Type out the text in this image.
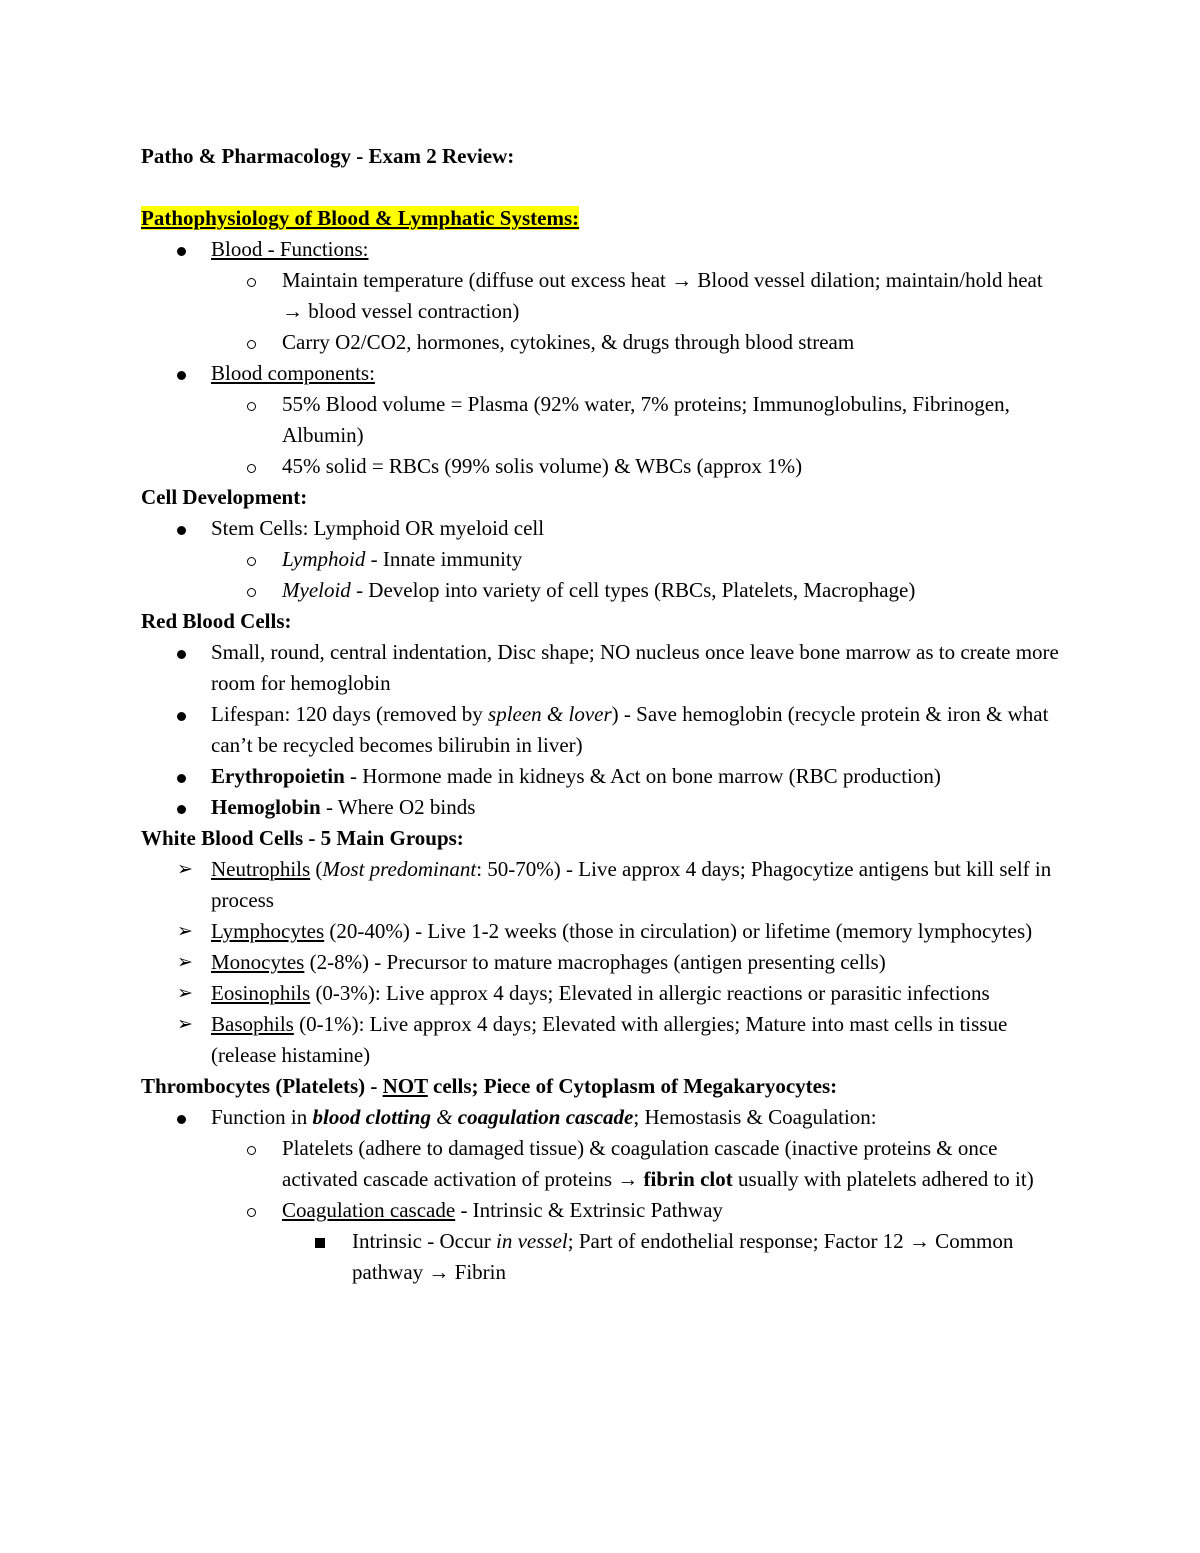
Patho & Pharmacology - Exam 2 Review:
Pathophysiology of Blood & Lymphatic Systems:
Blood - Functions:
Maintain temperature (diffuse out excess heat → Blood vessel dilation; maintain/hold heat → blood vessel contraction)
Carry O2/CO2, hormones, cytokines, & drugs through blood stream
Blood components:
55% Blood volume = Plasma (92% water, 7% proteins; Immunoglobulins, Fibrinogen, Albumin)
45% solid = RBCs (99% solis volume) & WBCs (approx 1%)
Cell Development:
Stem Cells: Lymphoid OR myeloid cell
Lymphoid - Innate immunity
Myeloid - Develop into variety of cell types (RBCs, Platelets, Macrophage)
Red Blood Cells:
Small, round, central indentation, Disc shape; NO nucleus once leave bone marrow as to create more room for hemoglobin
Lifespan: 120 days (removed by spleen & lover) - Save hemoglobin (recycle protein & iron & what can’t be recycled becomes bilirubin in liver)
Erythropoietin - Hormone made in kidneys & Act on bone marrow (RBC production)
Hemoglobin - Where O2 binds
White Blood Cells - 5 Main Groups:
➢ Neutrophils (Most predominant: 50-70%) - Live approx 4 days; Phagocytize antigens but kill self in process
➢ Lymphocytes (20-40%) - Live 1-2 weeks (those in circulation) or lifetime (memory lymphocytes)
➢ Monocytes (2-8%) - Precursor to mature macrophages (antigen presenting cells)
➢ Eosinophils (0-3%): Live approx 4 days; Elevated in allergic reactions or parasitic infections
➢ Basophils (0-1%): Live approx 4 days; Elevated with allergies; Mature into mast cells in tissue (release histamine)
Thrombocytes (Platelets) - NOT cells; Piece of Cytoplasm of Megakaryocytes:
Function in blood clotting & coagulation cascade; Hemostasis & Coagulation:
Platelets (adhere to damaged tissue) & coagulation cascade (inactive proteins & once activated cascade activation of proteins → fibrin clot usually with platelets adhered to it)
Coagulation cascade - Intrinsic & Extrinsic Pathway
Intrinsic - Occur in vessel; Part of endothelial response; Factor 12 → Common pathway → Fibrin
